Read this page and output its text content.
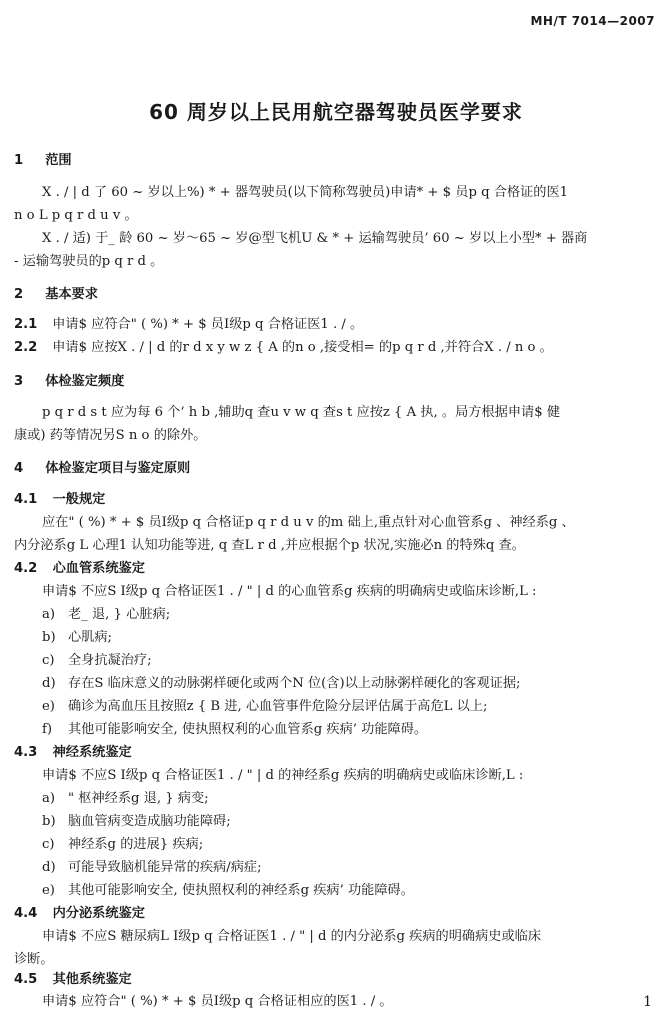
MH/T 7014—2007
60 周岁以上民用航空器驾驶员医学要求
1 范围
X . / | d 了 60 ~ 岁以上%) * + 器驾驶员(以下简称驾驶员)申请* + $ 员p q 合格证的医1
n o L p q r d u v 。
X . / 适) 于_ 龄 60 ~ 岁～65 ~ 岁@型飞机U & * + 运输驾驶员’ 60 ~ 岁以上小型* + 器商
- 运输驾驶员的p q r d 。
2 基本要求
2.1 申请$ 应符合" ( %) * + $ 员Ⅰ级p q 合格证医1 . / 。
2.2 申请$ 应按X . / | d 的r d x y w z { A 的n o ,接受相= 的p q r d ,并符合X . / n o 。
3 体检鉴定频度
p q r d s t 应为每 6 个‘ h b ,辅助q 查u v w q 查s t 应按z { A 执, 。局方根据申请$ 健
康或) 药等情况另S n o 的除外。
4 体检鉴定项目与鉴定原则
4.1 一般规定
应在" ( %) * + $ 员Ⅰ级p q 合格证p q r d u v 的m 础上,重点针对心血管系g 、神经系g 、
内分泌系g L 心理1 认知功能等进, q 查L r d ,并应根据个p 状况,实施必n 的特殊q 查。
4.2 心血管系统鉴定
申请$ 不应S Ⅰ级p q 合格证医1 . / " | d 的心血管系g 疾病的明确病史或临床诊断,L :
a) 老_ 退, } 心脏病;
b) 心肌病;
c) 全身抗凝治疗;
d) 存在S 临床意义的动脉粥样硬化或两个N 位(含)以上动脉粥样硬化的客观证据;
e) 确诊为高血压且按照z { B 进, 心血管事件危险分层评估属于高危L 以上;
f) 其他可能影响安全, 使执照权利的心血管系g 疾病’ 功能障碍。
4.3 神经系统鉴定
申请$ 不应S Ⅰ级p q 合格证医1 . / " | d 的神经系g 疾病的明确病史或临床诊断,L :
a) " 枢神经系g 退, } 病变;
b) 脑血管病变造成脑功能障碍;
c) 神经系g 的进展} 疾病;
d) 可能导致脑机能异常的疾病/病症;
e) 其他可能影响安全, 使执照权利的神经系g 疾病’ 功能障碍。
4.4 内分泌系统鉴定
申请$ 不应S 糖尿病L Ⅰ级p q 合格证医1 . / " | d 的内分泌系g 疾病的明确病史或临床
诊断。
4.5 其他系统鉴定
申请$ 应符合" ( %) * + $ 员Ⅰ级p q 合格证相应的医1 . / 。	1
